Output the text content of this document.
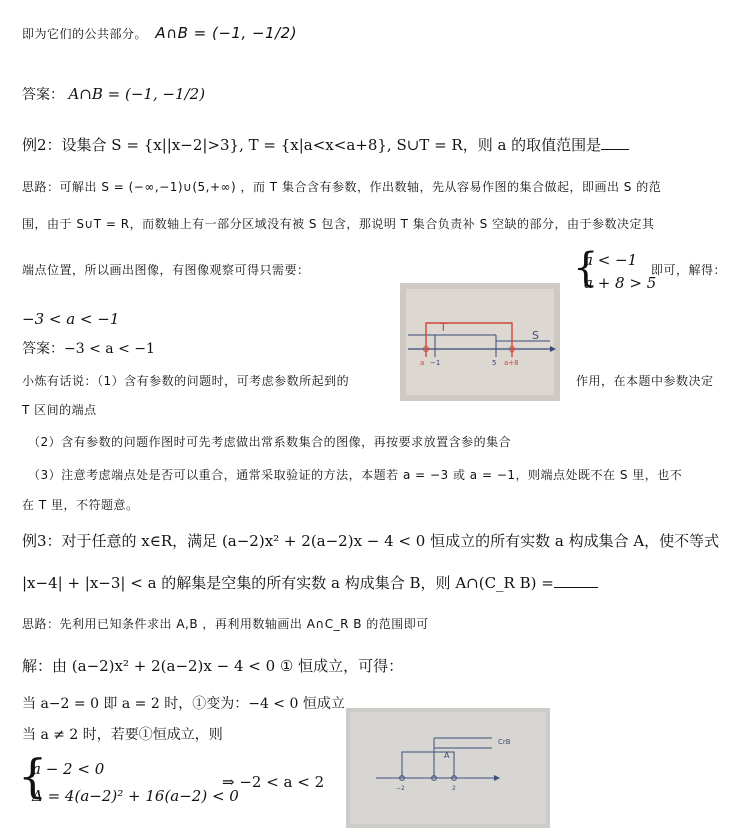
即为它们的公共部分。 A∩B = (−1, −1/2)
答案： A∩B = (−1, −1/2)
例2：设集合 S = {x||x−2|>3}, T = {x|a<x<a+8}, S∪T = R，则 a 的取值范围是
思路：可解出 S = (−∞,−1)∪(5,+∞) ，而 T 集合含有参数，作出数轴，先从容易作图的集合做起，即画出 S 的范
围，由于 S∪T = R，而数轴上有一部分区域没有被 S 包含，那说明 T 集合负责补 S 空缺的部分，由于参数决定其
端点位置，所以画出图像，有图像观察可得只需要：	{
a < −1
a + 8 > 5
即可，解得：
−3 < a < −1
答案：−3 < a < −1
T
S
a −1	5 a+8
小炼有话说：（1）含有参数的问题时，可考虑参数所起到的	作用，在本题中参数决定
T 区间的端点
（2）含有参数的问题作图时可先考虑做出常系数集合的图像，再按要求放置含参的集合
（3）注意考虑端点处是否可以重合，通常采取验证的方法，本题若 a = −3 或 a = −1，则端点处既不在 S 里，也不
在 T 里，不符题意。
例3：对于任意的 x∈R，满足 (a−2)x² + 2(a−2)x − 4 < 0 恒成立的所有实数 a 构成集合 A，使不等式
|x−4| + |x−3| < a 的解集是空集的所有实数 a 构成集合 B，则 A∩(C_R B) =
思路：先利用已知条件求出 A,B ，再利用数轴画出 A∩C_R B 的范围即可
解：由 (a−2)x² + 2(a−2)x − 4 < 0 ① 恒成立，可得：
当 a−2 = 0 即 a = 2 时，①变为：−4 < 0 恒成立
当 a ≠ 2 时，若要①恒成立，则
{
a − 2 < 0
Δ = 4(a−2)² + 16(a−2) < 0
⇒ −2 < a < 2
A
CrB
−2	2
